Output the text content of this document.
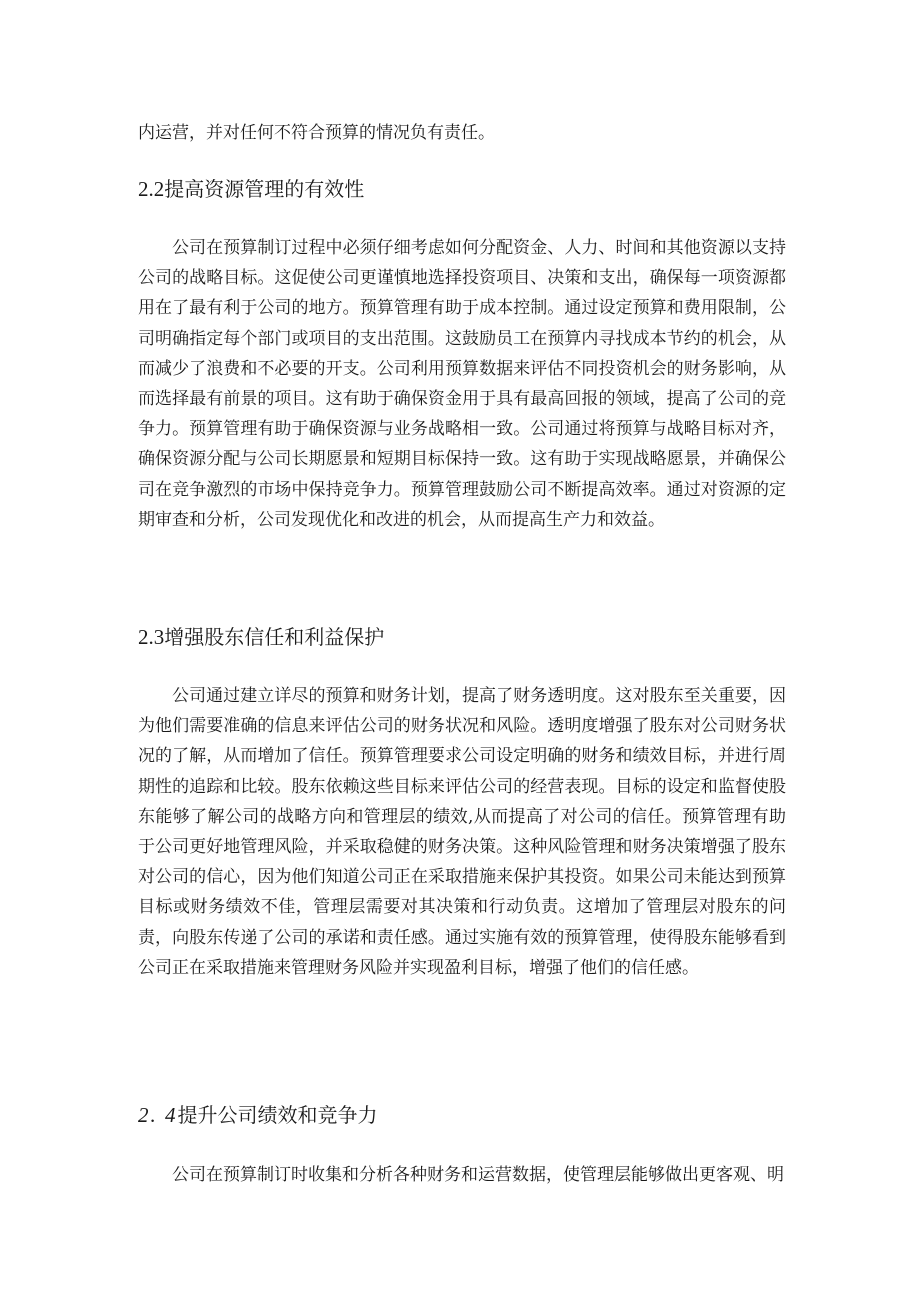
内运营，并对任何不符合预算的情况负有责任。

2.2提高资源管理的有效性

公司在预算制订过程中必须仔细考虑如何分配资金、人力、时间和其他资源以支持公司的战略目标。这促使公司更谨慎地选择投资项目、决策和支出，确保每一项资源都用在了最有利于公司的地方。预算管理有助于成本控制。通过设定预算和费用限制，公司明确指定每个部门或项目的支出范围。这鼓励员工在预算内寻找成本节约的机会，从而减少了浪费和不必要的开支。公司利用预算数据来评估不同投资机会的财务影响，从而选择最有前景的项目。这有助于确保资金用于具有最高回报的领域，提高了公司的竞争力。预算管理有助于确保资源与业务战略相一致。公司通过将预算与战略目标对齐，确保资源分配与公司长期愿景和短期目标保持一致。这有助于实现战略愿景，并确保公司在竞争激烈的市场中保持竞争力。预算管理鼓励公司不断提高效率。通过对资源的定期审查和分析，公司发现优化和改进的机会，从而提高生产力和效益。

2.3增强股东信任和利益保护

公司通过建立详尽的预算和财务计划，提高了财务透明度。这对股东至关重要，因为他们需要准确的信息来评估公司的财务状况和风险。透明度增强了股东对公司财务状况的了解，从而增加了信任。预算管理要求公司设定明确的财务和绩效目标，并进行周期性的追踪和比较。股东依赖这些目标来评估公司的经营表现。目标的设定和监督使股东能够了解公司的战略方向和管理层的绩效,从而提高了对公司的信任。预算管理有助于公司更好地管理风险，并采取稳健的财务决策。这种风险管理和财务决策增强了股东对公司的信心，因为他们知道公司正在采取措施来保护其投资。如果公司未能达到预算目标或财务绩效不佳，管理层需要对其决策和行动负责。这增加了管理层对股东的问责，向股东传递了公司的承诺和责任感。通过实施有效的预算管理，使得股东能够看到公司正在采取措施来管理财务风险并实现盈利目标，增强了他们的信任感。

2. 4提升公司绩效和竞争力

公司在预算制订时收集和分析各种财务和运营数据，使管理层能够做出更客观、明
